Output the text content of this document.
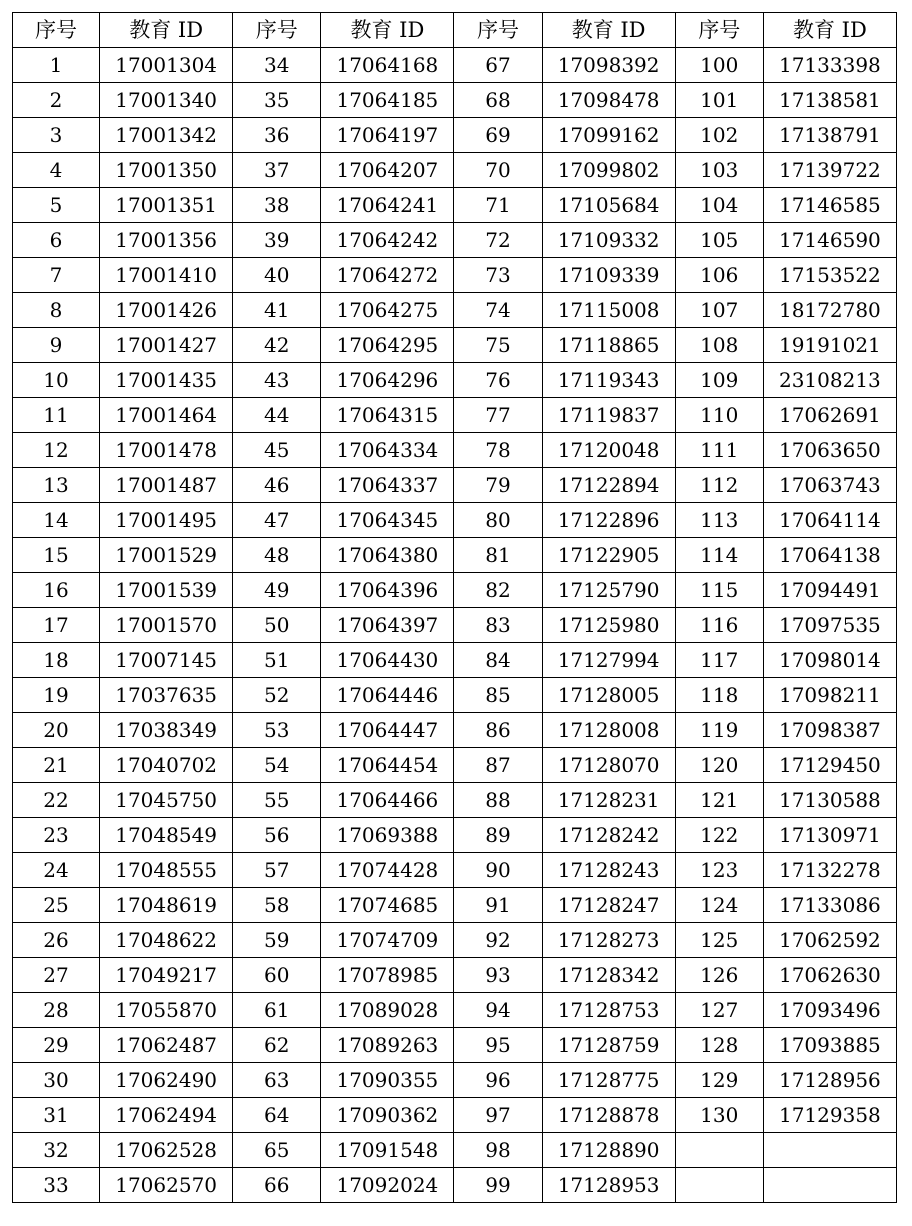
序号	教育 ID	序号	教育 ID	序号	教育 ID	序号	教育 ID
1	17001304	34	17064168	67	17098392	100	17133398
2	17001340	35	17064185	68	17098478	101	17138581
3	17001342	36	17064197	69	17099162	102	17138791
4	17001350	37	17064207	70	17099802	103	17139722
5	17001351	38	17064241	71	17105684	104	17146585
6	17001356	39	17064242	72	17109332	105	17146590
7	17001410	40	17064272	73	17109339	106	17153522
8	17001426	41	17064275	74	17115008	107	18172780
9	17001427	42	17064295	75	17118865	108	19191021
10	17001435	43	17064296	76	17119343	109	23108213
11	17001464	44	17064315	77	17119837	110	17062691
12	17001478	45	17064334	78	17120048	111	17063650
13	17001487	46	17064337	79	17122894	112	17063743
14	17001495	47	17064345	80	17122896	113	17064114
15	17001529	48	17064380	81	17122905	114	17064138
16	17001539	49	17064396	82	17125790	115	17094491
17	17001570	50	17064397	83	17125980	116	17097535
18	17007145	51	17064430	84	17127994	117	17098014
19	17037635	52	17064446	85	17128005	118	17098211
20	17038349	53	17064447	86	17128008	119	17098387
21	17040702	54	17064454	87	17128070	120	17129450
22	17045750	55	17064466	88	17128231	121	17130588
23	17048549	56	17069388	89	17128242	122	17130971
24	17048555	57	17074428	90	17128243	123	17132278
25	17048619	58	17074685	91	17128247	124	17133086
26	17048622	59	17074709	92	17128273	125	17062592
27	17049217	60	17078985	93	17128342	126	17062630
28	17055870	61	17089028	94	17128753	127	17093496
29	17062487	62	17089263	95	17128759	128	17093885
30	17062490	63	17090355	96	17128775	129	17128956
31	17062494	64	17090362	97	17128878	130	17129358
32	17062528	65	17091548	98	17128890		
33	17062570	66	17092024	99	17128953		
